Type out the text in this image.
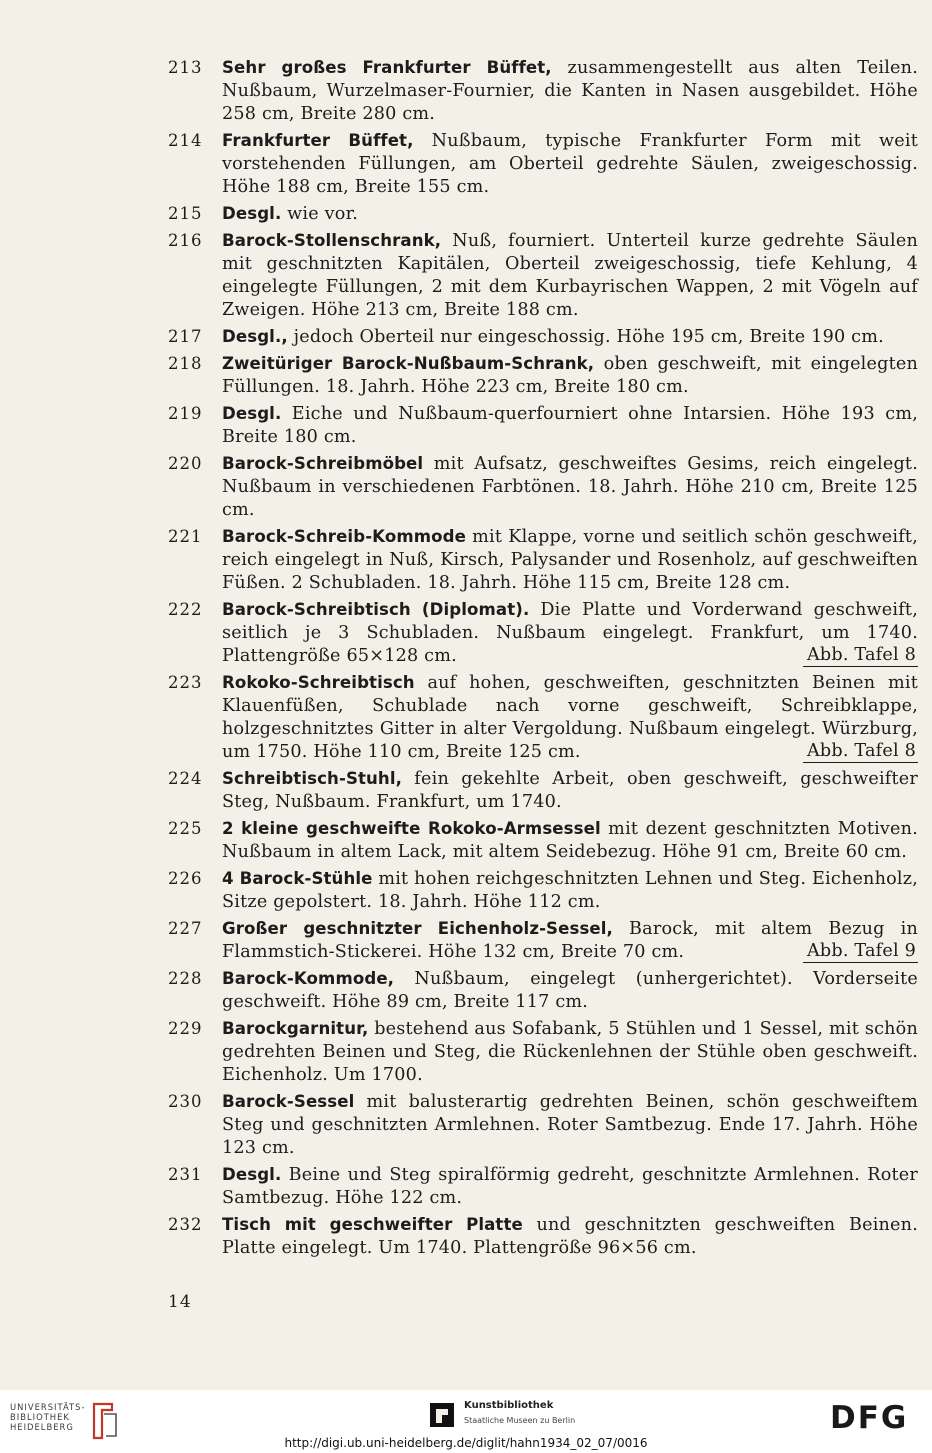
213	Sehr großes Frankfurter Büffet, zusammengestellt aus alten Teilen. Nußbaum, Wurzelmaser-Fournier, die Kanten in Nasen ausgebildet. Höhe 258 cm, Breite 280 cm.
214	Frankfurter Büffet, Nußbaum, typische Frankfurter Form mit weit vorstehenden Füllungen, am Oberteil gedrehte Säulen, zweigeschossig. Höhe 188 cm, Breite 155 cm.
215	Desgl. wie vor.
216	Barock-Stollenschrank, Nuß, fourniert. Unterteil kurze gedrehte Säulen mit geschnitzten Kapitälen, Oberteil zweigeschossig, tiefe Kehlung, 4 eingelegte Füllungen, 2 mit dem Kurbayrischen Wappen, 2 mit Vögeln auf Zweigen. Höhe 213 cm, Breite 188 cm.
217	Desgl., jedoch Oberteil nur eingeschossig. Höhe 195 cm, Breite 190 cm.
218	Zweitüriger Barock-Nußbaum-Schrank, oben geschweift, mit eingelegten Füllungen. 18. Jahrh. Höhe 223 cm, Breite 180 cm.
219	Desgl. Eiche und Nußbaum-querfourniert ohne Intarsien. Höhe 193 cm, Breite 180 cm.
220	Barock-Schreibmöbel mit Aufsatz, geschweiftes Gesims, reich eingelegt. Nußbaum in verschiedenen Farbtönen. 18. Jahrh. Höhe 210 cm, Breite 125 cm.
221	Barock-Schreib-Kommode mit Klappe, vorne und seitlich schön geschweift, reich eingelegt in Nuß, Kirsch, Palysander und Rosenholz, auf geschweiften Füßen. 2 Schubladen. 18. Jahrh. Höhe 115 cm, Breite 128 cm.
222	Barock-Schreibtisch (Diplomat). Die Platte und Vorderwand geschweift, seitlich je 3 Schubladen. Nußbaum eingelegt. Frankfurt, um 1740. Plattengröße 65×128 cm.	Abb. Tafel 8
223	Rokoko-Schreibtisch auf hohen, geschweiften, geschnitzten Beinen mit Klauenfüßen, Schublade nach vorne geschweift, Schreibklappe, holzgeschnitztes Gitter in alter Vergoldung. Nußbaum eingelegt. Würzburg, um 1750. Höhe 110 cm, Breite 125 cm.	Abb. Tafel 8
224	Schreibtisch-Stuhl, fein gekehlte Arbeit, oben geschweift, geschweifter Steg, Nußbaum. Frankfurt, um 1740.
225	2 kleine geschweifte Rokoko-Armsessel mit dezent geschnitzten Motiven. Nußbaum in altem Lack, mit altem Seidebezug. Höhe 91 cm, Breite 60 cm.
226	4 Barock-Stühle mit hohen reichgeschnitzten Lehnen und Steg. Eichenholz, Sitze gepolstert. 18. Jahrh. Höhe 112 cm.
227	Großer geschnitzter Eichenholz-Sessel, Barock, mit altem Bezug in Flammstich-Stickerei. Höhe 132 cm, Breite 70 cm.	Abb. Tafel 9
228	Barock-Kommode, Nußbaum, eingelegt (unhergerichtet). Vorderseite geschweift. Höhe 89 cm, Breite 117 cm.
229	Barockgarnitur, bestehend aus Sofabank, 5 Stühlen und 1 Sessel, mit schön gedrehten Beinen und Steg, die Rückenlehnen der Stühle oben geschweift. Eichenholz. Um 1700.
230	Barock-Sessel mit balusterartig gedrehten Beinen, schön geschweiftem Steg und geschnitzten Armlehnen. Roter Samtbezug. Ende 17. Jahrh. Höhe 123 cm.
231	Desgl. Beine und Steg spiralförmig gedreht, geschnitzte Armlehnen. Roter Samtbezug. Höhe 122 cm.
232	Tisch mit geschweifter Platte und geschnitzten geschweiften Beinen. Platte eingelegt. Um 1740. Plattengröße 96×56 cm.
14
UNIVERSITÄTS-
BIBLIOTHEK
HEIDELBERG
Kunstbibliothek
Staatliche Museen zu Berlin	DFG
http://digi.ub.uni-heidelberg.de/diglit/hahn1934_02_07/0016
